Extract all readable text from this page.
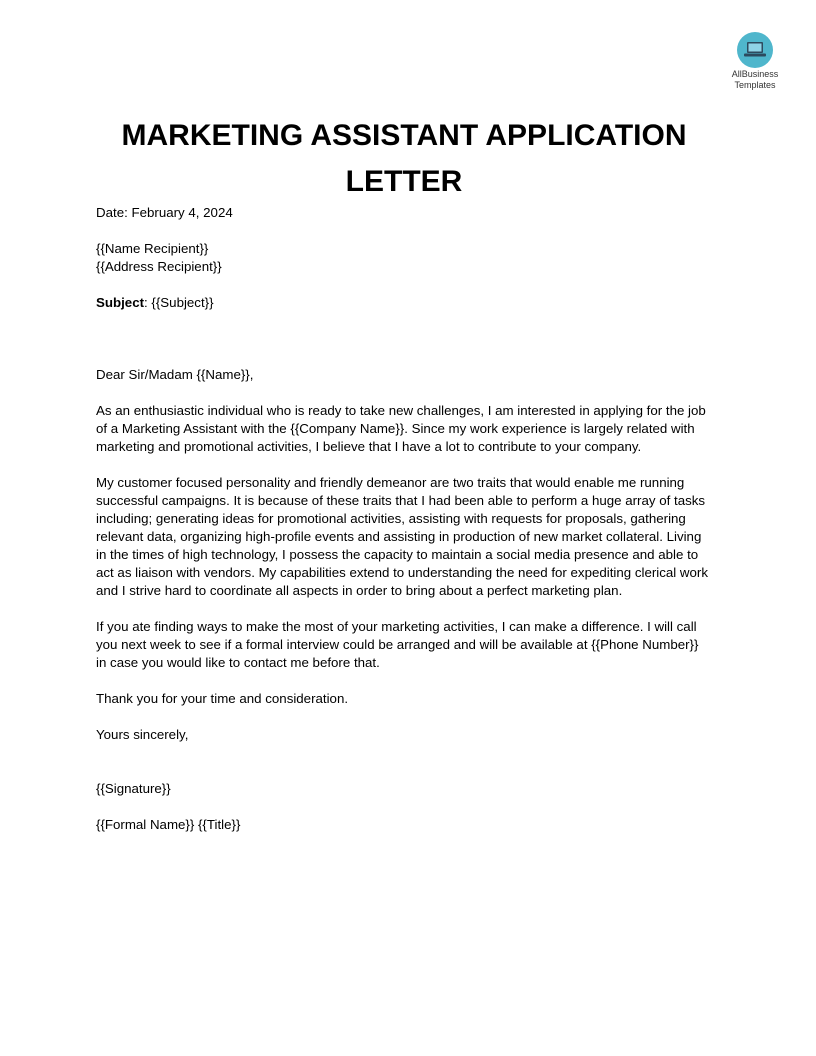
AllBusiness
Templates
MARKETING ASSISTANT APPLICATION
LETTER
Date: February 4, 2024
{{Name Recipient}}
{{Address Recipient}}
Subject: {{Subject}}
Dear Sir/Madam {{Name}},
As an enthusiastic individual who is ready to take new challenges, I am interested in applying for the job
of a Marketing Assistant with the {{Company Name}}. Since my work experience is largely related with
marketing and promotional activities, I believe that I have a lot to contribute to your company.
My customer focused personality and friendly demeanor are two traits that would enable me running
successful campaigns. It is because of these traits that I had been able to perform a huge array of tasks
including; generating ideas for promotional activities, assisting with requests for proposals, gathering
relevant data, organizing high-profile events and assisting in production of new market collateral. Living
in the times of high technology, I possess the capacity to maintain a social media presence and able to
act as liaison with vendors. My capabilities extend to understanding the need for expediting clerical work
and I strive hard to coordinate all aspects in order to bring about a perfect marketing plan.
If you ate finding ways to make the most of your marketing activities, I can make a difference. I will call
you next week to see if a formal interview could be arranged and will be available at {{Phone Number}}
in case you would like to contact me before that.
Thank you for your time and consideration.
Yours sincerely,
{{Signature}}
{{Formal Name}} {{Title}}
